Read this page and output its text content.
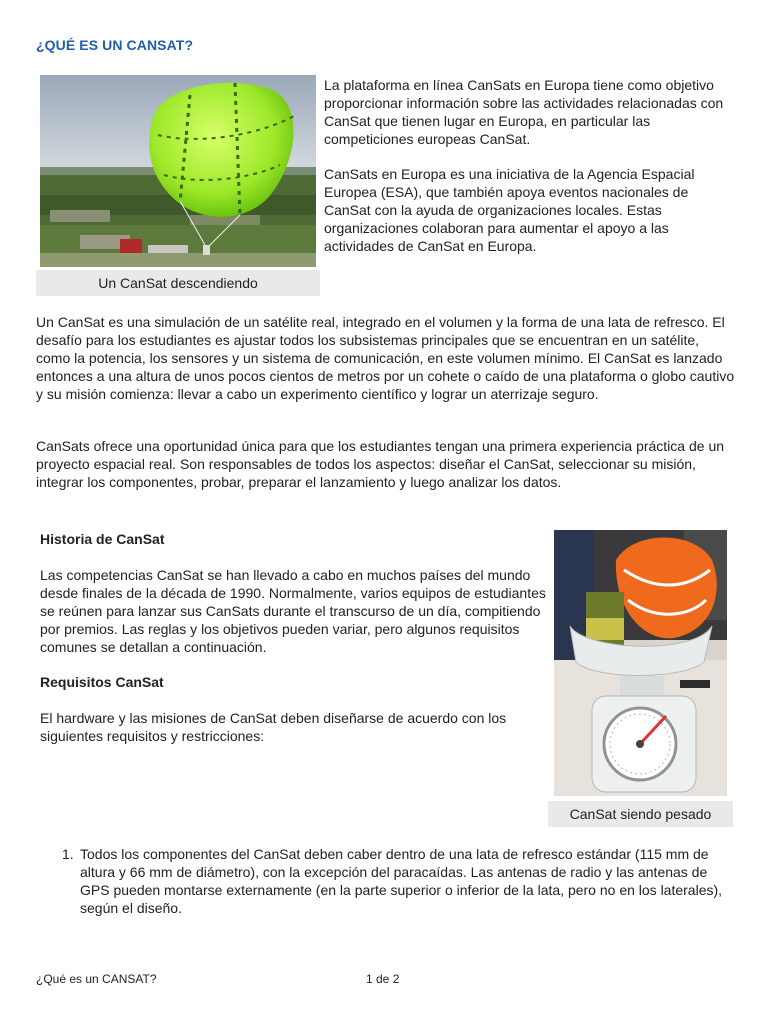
¿QUÉ ES UN CANSAT?
Un CanSat descendiendo

La plataforma en línea CanSats en Europa tiene como objetivo proporcionar información sobre las actividades relacionadas con CanSat que tienen lugar en Europa, en particular las competiciones europeas CanSat.

CanSats en Europa es una iniciativa de la Agencia Espacial Europea (ESA), que también apoya eventos nacionales de CanSat con la ayuda de organizaciones locales. Estas organizaciones colaboran para aumentar el apoyo a las actividades de CanSat en Europa.

Un CanSat es una simulación de un satélite real, integrado en el volumen y la forma de una lata de refresco. El desafío para los estudiantes es ajustar todos los subsistemas principales que se encuentran en un satélite, como la potencia, los sensores y un sistema de comunicación, en este volumen mínimo. El CanSat es lanzado entonces a una altura de unos pocos cientos de metros por un cohete o caído de una plataforma o globo cautivo y su misión comienza: llevar a cabo un experimento científico y lograr un aterrizaje seguro.

CanSats ofrece una oportunidad única para que los estudiantes tengan una primera experiencia práctica de un proyecto espacial real. Son responsables de todos los aspectos: diseñar el CanSat, seleccionar su misión, integrar los componentes, probar, preparar el lanzamiento y luego analizar los datos.

Historia de CanSat

Las competencias CanSat se han llevado a cabo en muchos países del mundo desde finales de la década de 1990. Normalmente, varios equipos de estudiantes se reúnen para lanzar sus CanSats durante el transcurso de un día, compitiendo por premios. Las reglas y los objetivos pueden variar, pero algunos requisitos comunes se detallan a continuación.

Requisitos CanSat

El hardware y las misiones de CanSat deben diseñarse de acuerdo con los siguientes requisitos y restricciones:

CanSat siendo pesado
1. Todos los componentes del CanSat deben caber dentro de una lata de refresco estándar (115 mm de altura y 66 mm de diámetro), con la excepción del paracaídas. Las antenas de radio y las antenas de GPS pueden montarse externamente (en la parte superior o inferior de la lata, pero no en los laterales), según el diseño.
¿Qué es un CANSAT?	1 de 2
